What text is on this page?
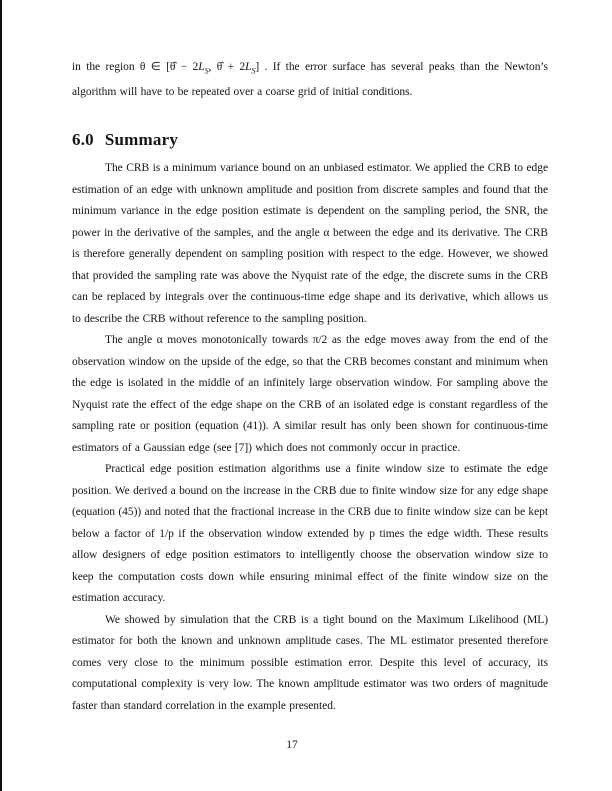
in the region θ ∈ [θ̂ − $2L_S$, θ̂ + $2L_S$] . If the error surface has several peaks than the Newton’s algorithm will have to be repeated over a coarse grid of initial conditions.

6.0 Summary

The CRB is a minimum variance bound on an unbiased estimator. We applied the CRB to edge estimation of an edge with unknown amplitude and position from discrete samples and found that the minimum variance in the edge position estimate is dependent on the sampling period, the SNR, the power in the derivative of the samples, and the angle α between the edge and its derivative. The CRB is therefore generally dependent on sampling position with respect to the edge. However, we showed that provided the sampling rate was above the Nyquist rate of the edge, the discrete sums in the CRB can be replaced by integrals over the continuous-time edge shape and its derivative, which allows us to describe the CRB without reference to the sampling position.

The angle α moves monotonically towards π/2 as the edge moves away from the end of the observation window on the upside of the edge, so that the CRB becomes constant and minimum when the edge is isolated in the middle of an infinitely large observation window. For sampling above the Nyquist rate the effect of the edge shape on the CRB of an isolated edge is constant regardless of the sampling rate or position (equation (41)). A similar result has only been shown for continuous-time estimators of a Gaussian edge (see [7]) which does not commonly occur in practice.

Practical edge position estimation algorithms use a finite window size to estimate the edge position. We derived a bound on the increase in the CRB due to finite window size for any edge shape (equation (45)) and noted that the fractional increase in the CRB due to finite window size can be kept below a factor of 1/p if the observation window extended by p times the edge width. These results allow designers of edge position estimators to intelligently choose the observation window size to keep the computation costs down while ensuring minimal effect of the finite window size on the estimation accuracy.

We showed by simulation that the CRB is a tight bound on the Maximum Likelihood (ML) estimator for both the known and unknown amplitude cases. The ML estimator presented therefore comes very close to the minimum possible estimation error. Despite this level of accuracy, its computational complexity is very low. The known amplitude estimator was two orders of magnitude faster than standard correlation in the example presented.

17
